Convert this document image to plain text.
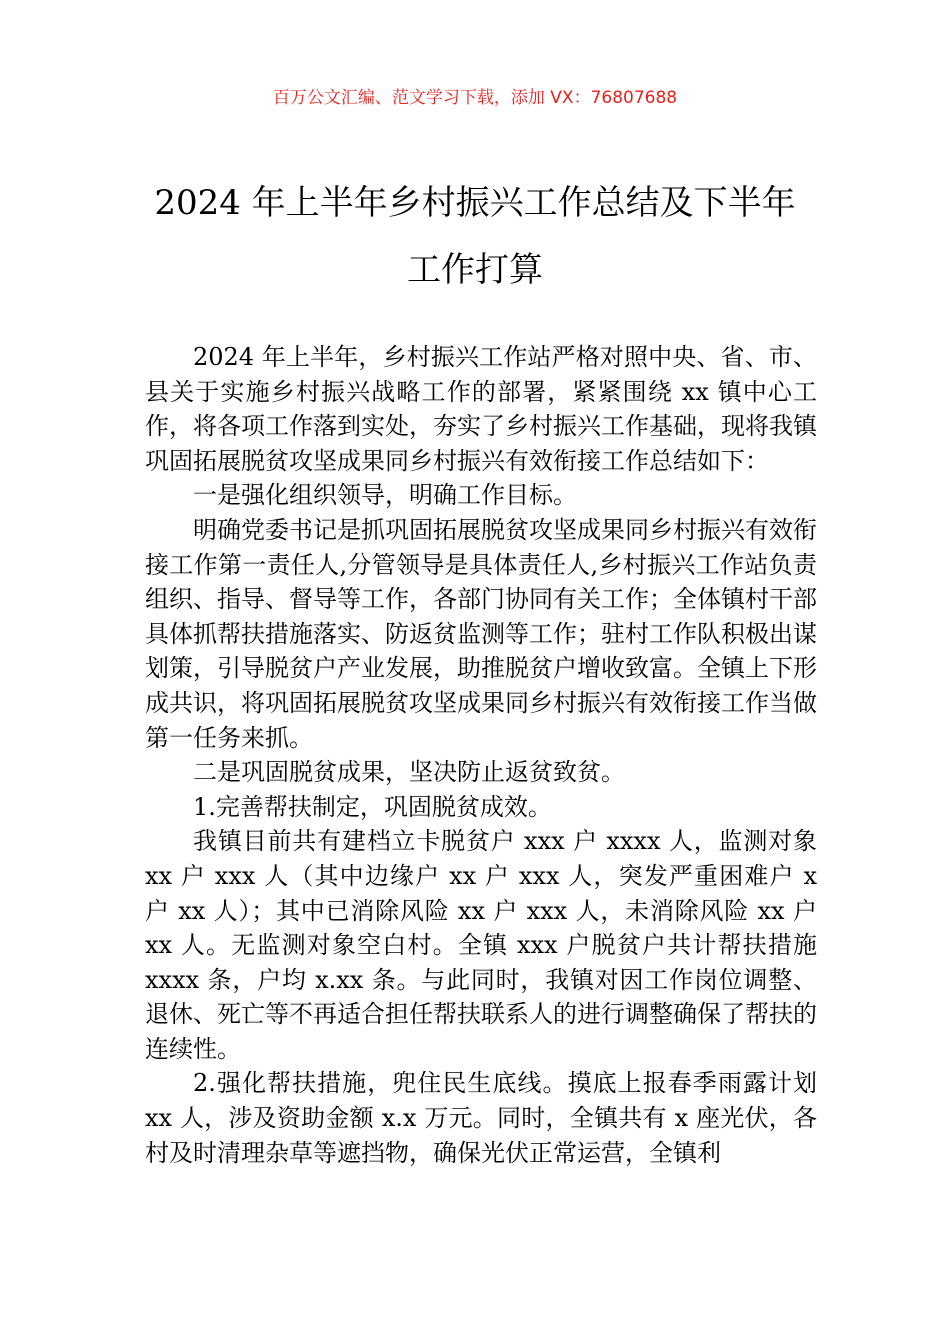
百万公文汇编、范文学习下载，添加 VX：76807688
2024 年上半年乡村振兴工作总结及下半年
工作打算

2024 年上半年，乡村振兴工作站严格对照中央、省、市、县关于实施乡村振兴战略工作的部署，紧紧围绕 xx 镇中心工作，将各项工作落到实处，夯实了乡村振兴工作基础，现将我镇巩固拓展脱贫攻坚成果同乡村振兴有效衔接工作总结如下：

一是强化组织领导，明确工作目标。

明确党委书记是抓巩固拓展脱贫攻坚成果同乡村振兴有效衔接工作第一责任人,分管领导是具体责任人,乡村振兴工作站负责组织、指导、督导等工作，各部门协同有关工作；全体镇村干部具体抓帮扶措施落实、防返贫监测等工作；驻村工作队积极出谋划策，引导脱贫户产业发展，助推脱贫户增收致富。全镇上下形成共识，将巩固拓展脱贫攻坚成果同乡村振兴有效衔接工作当做第一任务来抓。

二是巩固脱贫成果，坚决防止返贫致贫。

1.完善帮扶制定，巩固脱贫成效。

我镇目前共有建档立卡脱贫户 xxx 户 xxxx 人，监测对象 xx 户 xxx 人（其中边缘户 xx 户 xxx 人，突发严重困难户 x 户 xx 人）；其中已消除风险 xx 户 xxx 人，未消除风险 xx 户 xx 人。无监测对象空白村。全镇 xxx 户脱贫户共计帮扶措施 xxxx 条，户均 x.xx 条。与此同时，我镇对因工作岗位调整、退休、死亡等不再适合担任帮扶联系人的进行调整确保了帮扶的连续性。

2.强化帮扶措施，兜住民生底线。摸底上报春季雨露计划 xx 人，涉及资助金额 x.x 万元。同时，全镇共有 x 座光伏，各村及时清理杂草等遮挡物，确保光伏正常运营，全镇利
